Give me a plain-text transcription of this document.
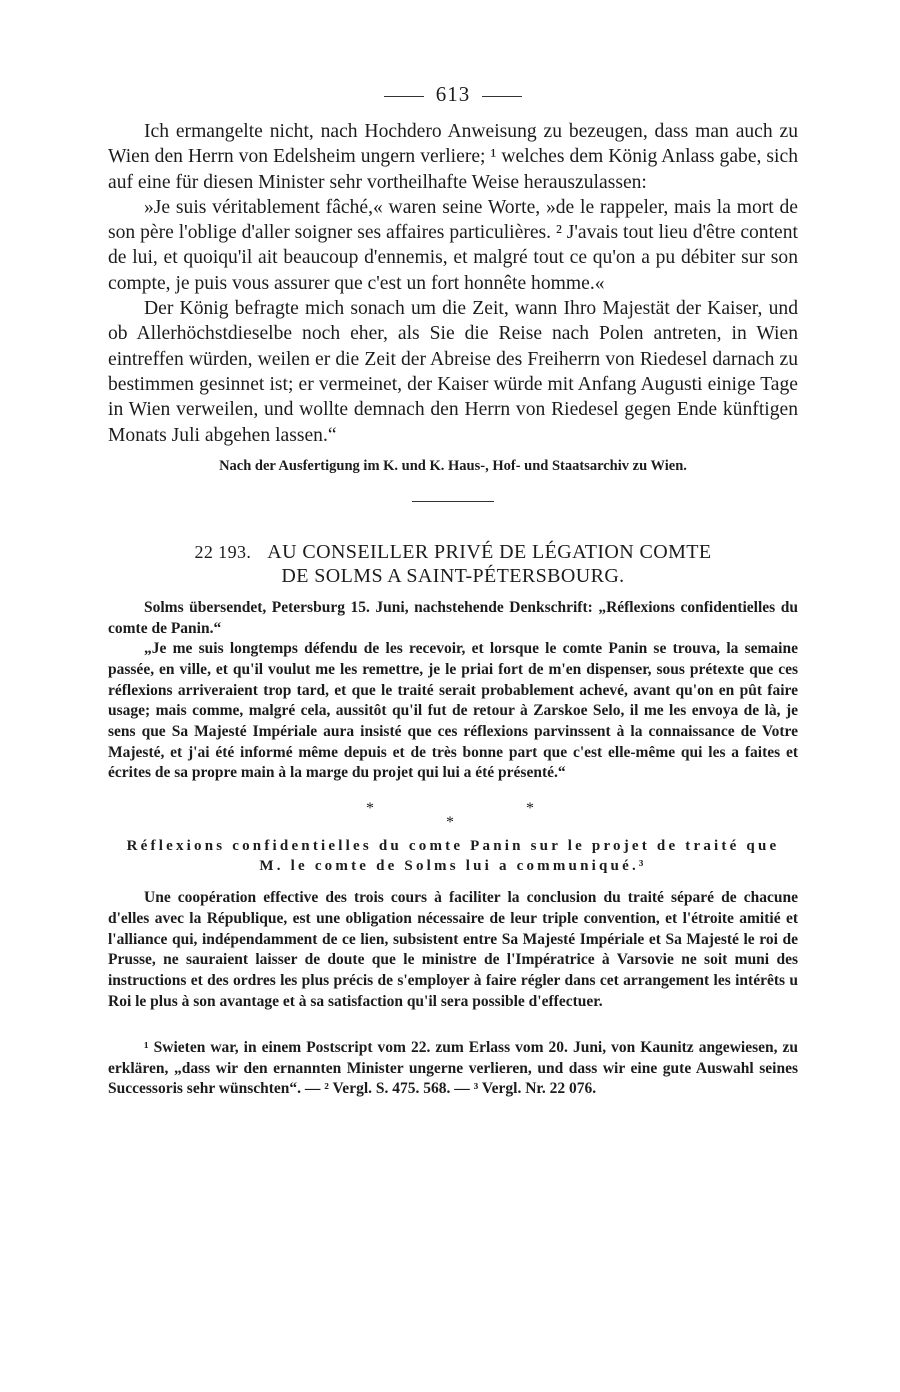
613

Ich ermangelte nicht, nach Hochdero Anweisung zu bezeugen, dass man auch zu Wien den Herrn von Edelsheim ungern verliere; ¹ welches dem König Anlass gabe, sich auf eine für diesen Minister sehr vortheilhafte Weise herauszulassen:

»Je suis véritablement fâché,« waren seine Worte, »de le rappeler, mais la mort de son père l'oblige d'aller soigner ses affaires particulières. ² J'avais tout lieu d'être content de lui, et quoiqu'il ait beaucoup d'ennemis, et malgré tout ce qu'on a pu débiter sur son compte, je puis vous assurer que c'est un fort honnête homme.«

Der König befragte mich sonach um die Zeit, wann Ihro Majestät der Kaiser, und ob Allerhöchstdieselbe noch eher, als Sie die Reise nach Polen antreten, in Wien eintreffen würden, weilen er die Zeit der Abreise des Freiherrn von Riedesel darnach zu bestimmen gesinnet ist; er vermeinet, der Kaiser würde mit Anfang Augusti einige Tage in Wien verweilen, und wollte demnach den Herrn von Riedesel gegen Ende künftigen Monats Juli abgehen lassen.“

Nach der Ausfertigung im K. und K. Haus-, Hof- und Staatsarchiv zu Wien.
22 193. AU CONSEILLER PRIVÉ DE LÉGATION COMTE
DE SOLMS A SAINT-PÉTERSBOURG.

Solms übersendet, Petersburg 15. Juni, nachstehende Denkschrift: „Réflexions confidentielles du comte de Panin.“

„Je me suis longtemps défendu de les recevoir, et lorsque le comte Panin se trouva, la semaine passée, en ville, et qu'il voulut me les remettre, je le priai fort de m'en dispenser, sous prétexte que ces réflexions arriveraient trop tard, et que le traité serait probablement achevé, avant qu'on en pût faire usage; mais comme, malgré cela, aussitôt qu'il fut de retour à Zarskoe Selo, il me les envoya de là, je sens que Sa Majesté Impériale aura insisté que ces réflexions parvinssent à la connaissance de Votre Majesté, et j'ai été informé même depuis et de très bonne part que c'est elle-même qui les a faites et écrites de sa propre main à la marge du projet qui lui a été présenté.“

*
*
*
Réflexions confidentielles du comte Panin sur le projet de traité que
M. le comte de Solms lui a communiqué.³

Une coopération effective des trois cours à faciliter la conclusion du traité séparé de chacune d'elles avec la République, est une obligation nécessaire de leur triple convention, et l'étroite amitié et l'alliance qui, indépendamment de ce lien, subsistent entre Sa Majesté Impériale et Sa Majesté le roi de Prusse, ne sauraient laisser de doute que le ministre de l'Impératrice à Varsovie ne soit muni des instructions et des ordres les plus précis de s'employer à faire régler dans cet arrangement les intérêts u Roi le plus à son avantage et à sa satisfaction qu'il sera possible d'effectuer.

¹ Swieten war, in einem Postscript vom 22. zum Erlass vom 20. Juni, von Kaunitz angewiesen, zu erklären, „dass wir den ernannten Minister ungerne verlieren, und dass wir eine gute Auswahl seines Successoris sehr wünschten“. — ² Vergl. S. 475. 568. — ³ Vergl. Nr. 22 076.
